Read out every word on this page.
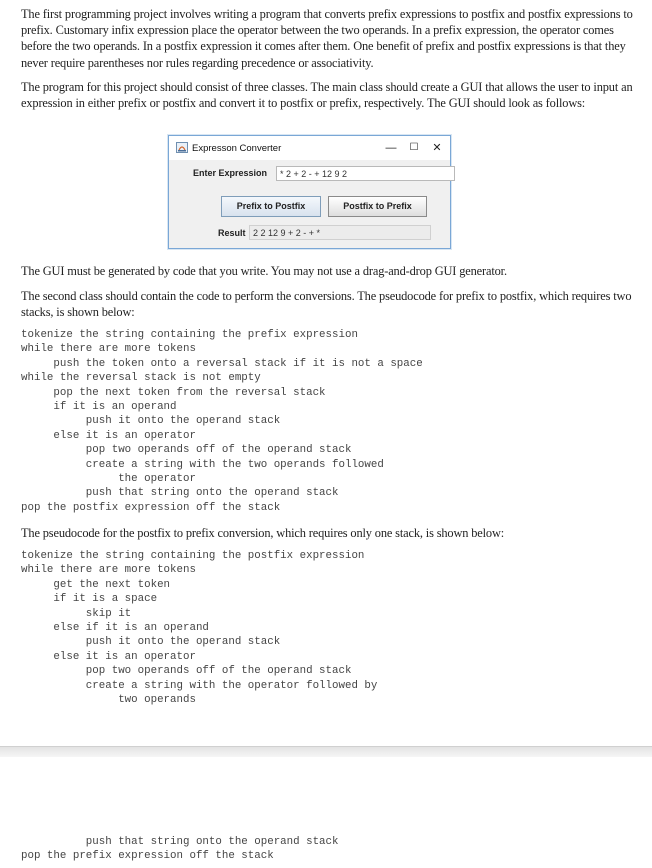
The first programming project involves writing a program that converts prefix expressions to postfix and postfix expressions to prefix. Customary infix expression place the operator between the two operands. In a prefix expression, the operator comes before the two operands. In a postfix expression it comes after them. One benefit of prefix and postfix expressions is that they never require parentheses nor rules regarding precedence or associativity.

The program for this project should consist of three classes. The main class should create a GUI that allows the user to input an expression in either prefix or postfix and convert it to postfix or prefix, respectively. The GUI should look as follows:

Expresson Converter	—	☐	✕
Enter Expression	* 2 + 2 - + 12 9 2
Prefix to Postfix	Postfix to Prefix
Result 2 2 12 9 + 2 - + *

The GUI must be generated by code that you write. You may not use a drag-and-drop GUI generator.

The second class should contain the code to perform the conversions. The pseudocode for prefix to postfix, which requires two stacks, is shown below:

tokenize the string containing the prefix expression
while there are more tokens
push the token onto a reversal stack if it is not a space
while the reversal stack is not empty
pop the next token from the reversal stack
if it is an operand
push it onto the operand stack
else it is an operator
pop two operands off of the operand stack
create a string with the two operands followed
the operator
push that string onto the operand stack
pop the postfix expression off the stack

The pseudocode for the postfix to prefix conversion, which requires only one stack, is shown below:

tokenize the string containing the postfix expression
while there are more tokens
get the next token
if it is a space
skip it
else if it is an operand
push it onto the operand stack
else it is an operator
pop two operands off of the operand stack
create a string with the operator followed by
two operands
push that string onto the operand stack
pop the prefix expression off the stack
